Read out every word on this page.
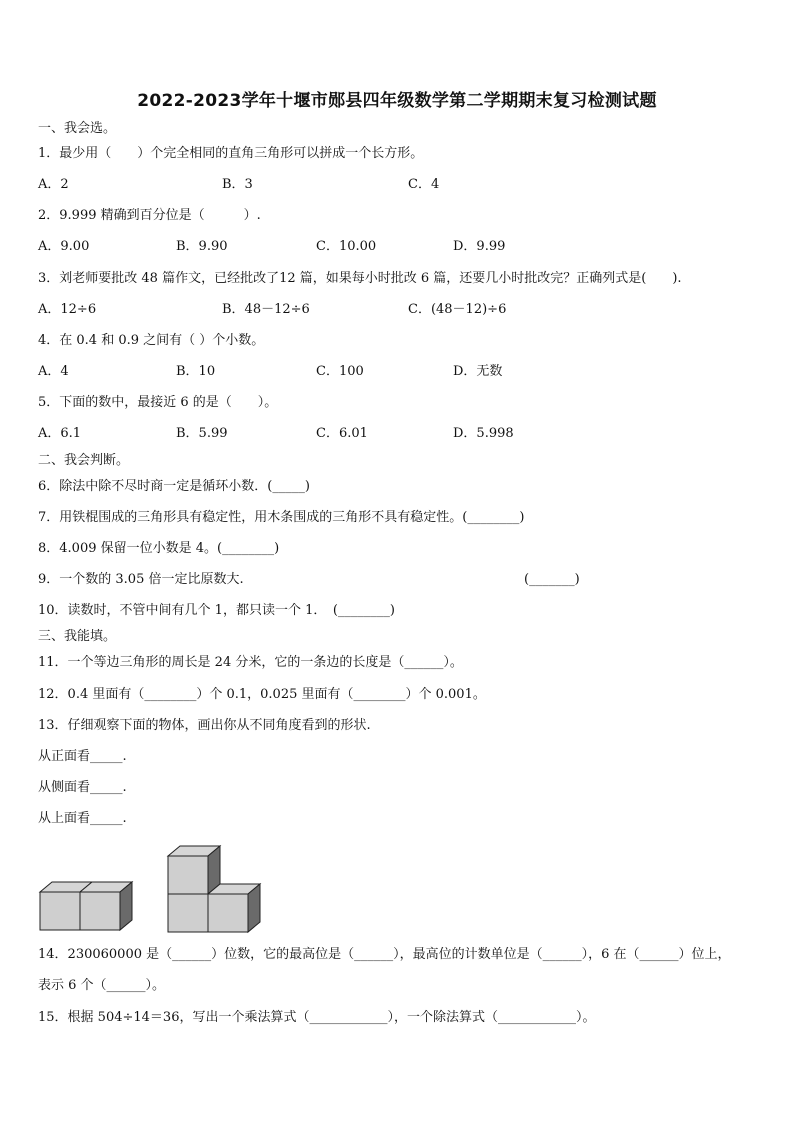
2022-2023学年十堰市郧县四年级数学第二学期期末复习检测试题
一、我会选。
1．最少用（　　）个完全相同的直角三角形可以拼成一个长方形。
A．2	B．3	C．4
2．9.999 精确到百分位是（　　　）.
A．9.00	B．9.90	C．10.00	D．9.99
3．刘老师要批改 48 篇作文，已经批改了12 篇，如果每小时批改 6 篇，还要几小时批改完？正确列式是(　　).
A．12÷6	B．48－12÷6	C．(48－12)÷6
4．在 0.4 和 0.9 之间有（ ）个小数。
A．4	B．10	C．100	D．无数
5．下面的数中，最接近 6 的是（　　）。
A．6.1	B．5.99	C．6.01	D．5.998
二、我会判断。
6．除法中除不尽时商一定是循环小数．(_____)
7．用铁棍围成的三角形具有稳定性，用木条围成的三角形不具有稳定性。(________)
8．4.009 保留一位小数是 4。(________)
9．一个数的 3.05 倍一定比原数大.	(_______)
10．读数时，不管中间有几个 1，都只读一个 1．　(________)
三、我能填。
11．一个等边三角形的周长是 24 分米，它的一条边的长度是（______）。
12．0.4 里面有（________）个 0.1，0.025 里面有（________）个 0.001。
13．仔细观察下面的物体，画出你从不同角度看到的形状.
从正面看_____.
从侧面看_____.
从上面看_____.
14．230060000 是（______）位数，它的最高位是（______），最高位的计数单位是（______），6 在（______）位上，
表示 6 个（______）。
15．根据 504÷14＝36，写出一个乘法算式（____________），一个除法算式（____________）。
